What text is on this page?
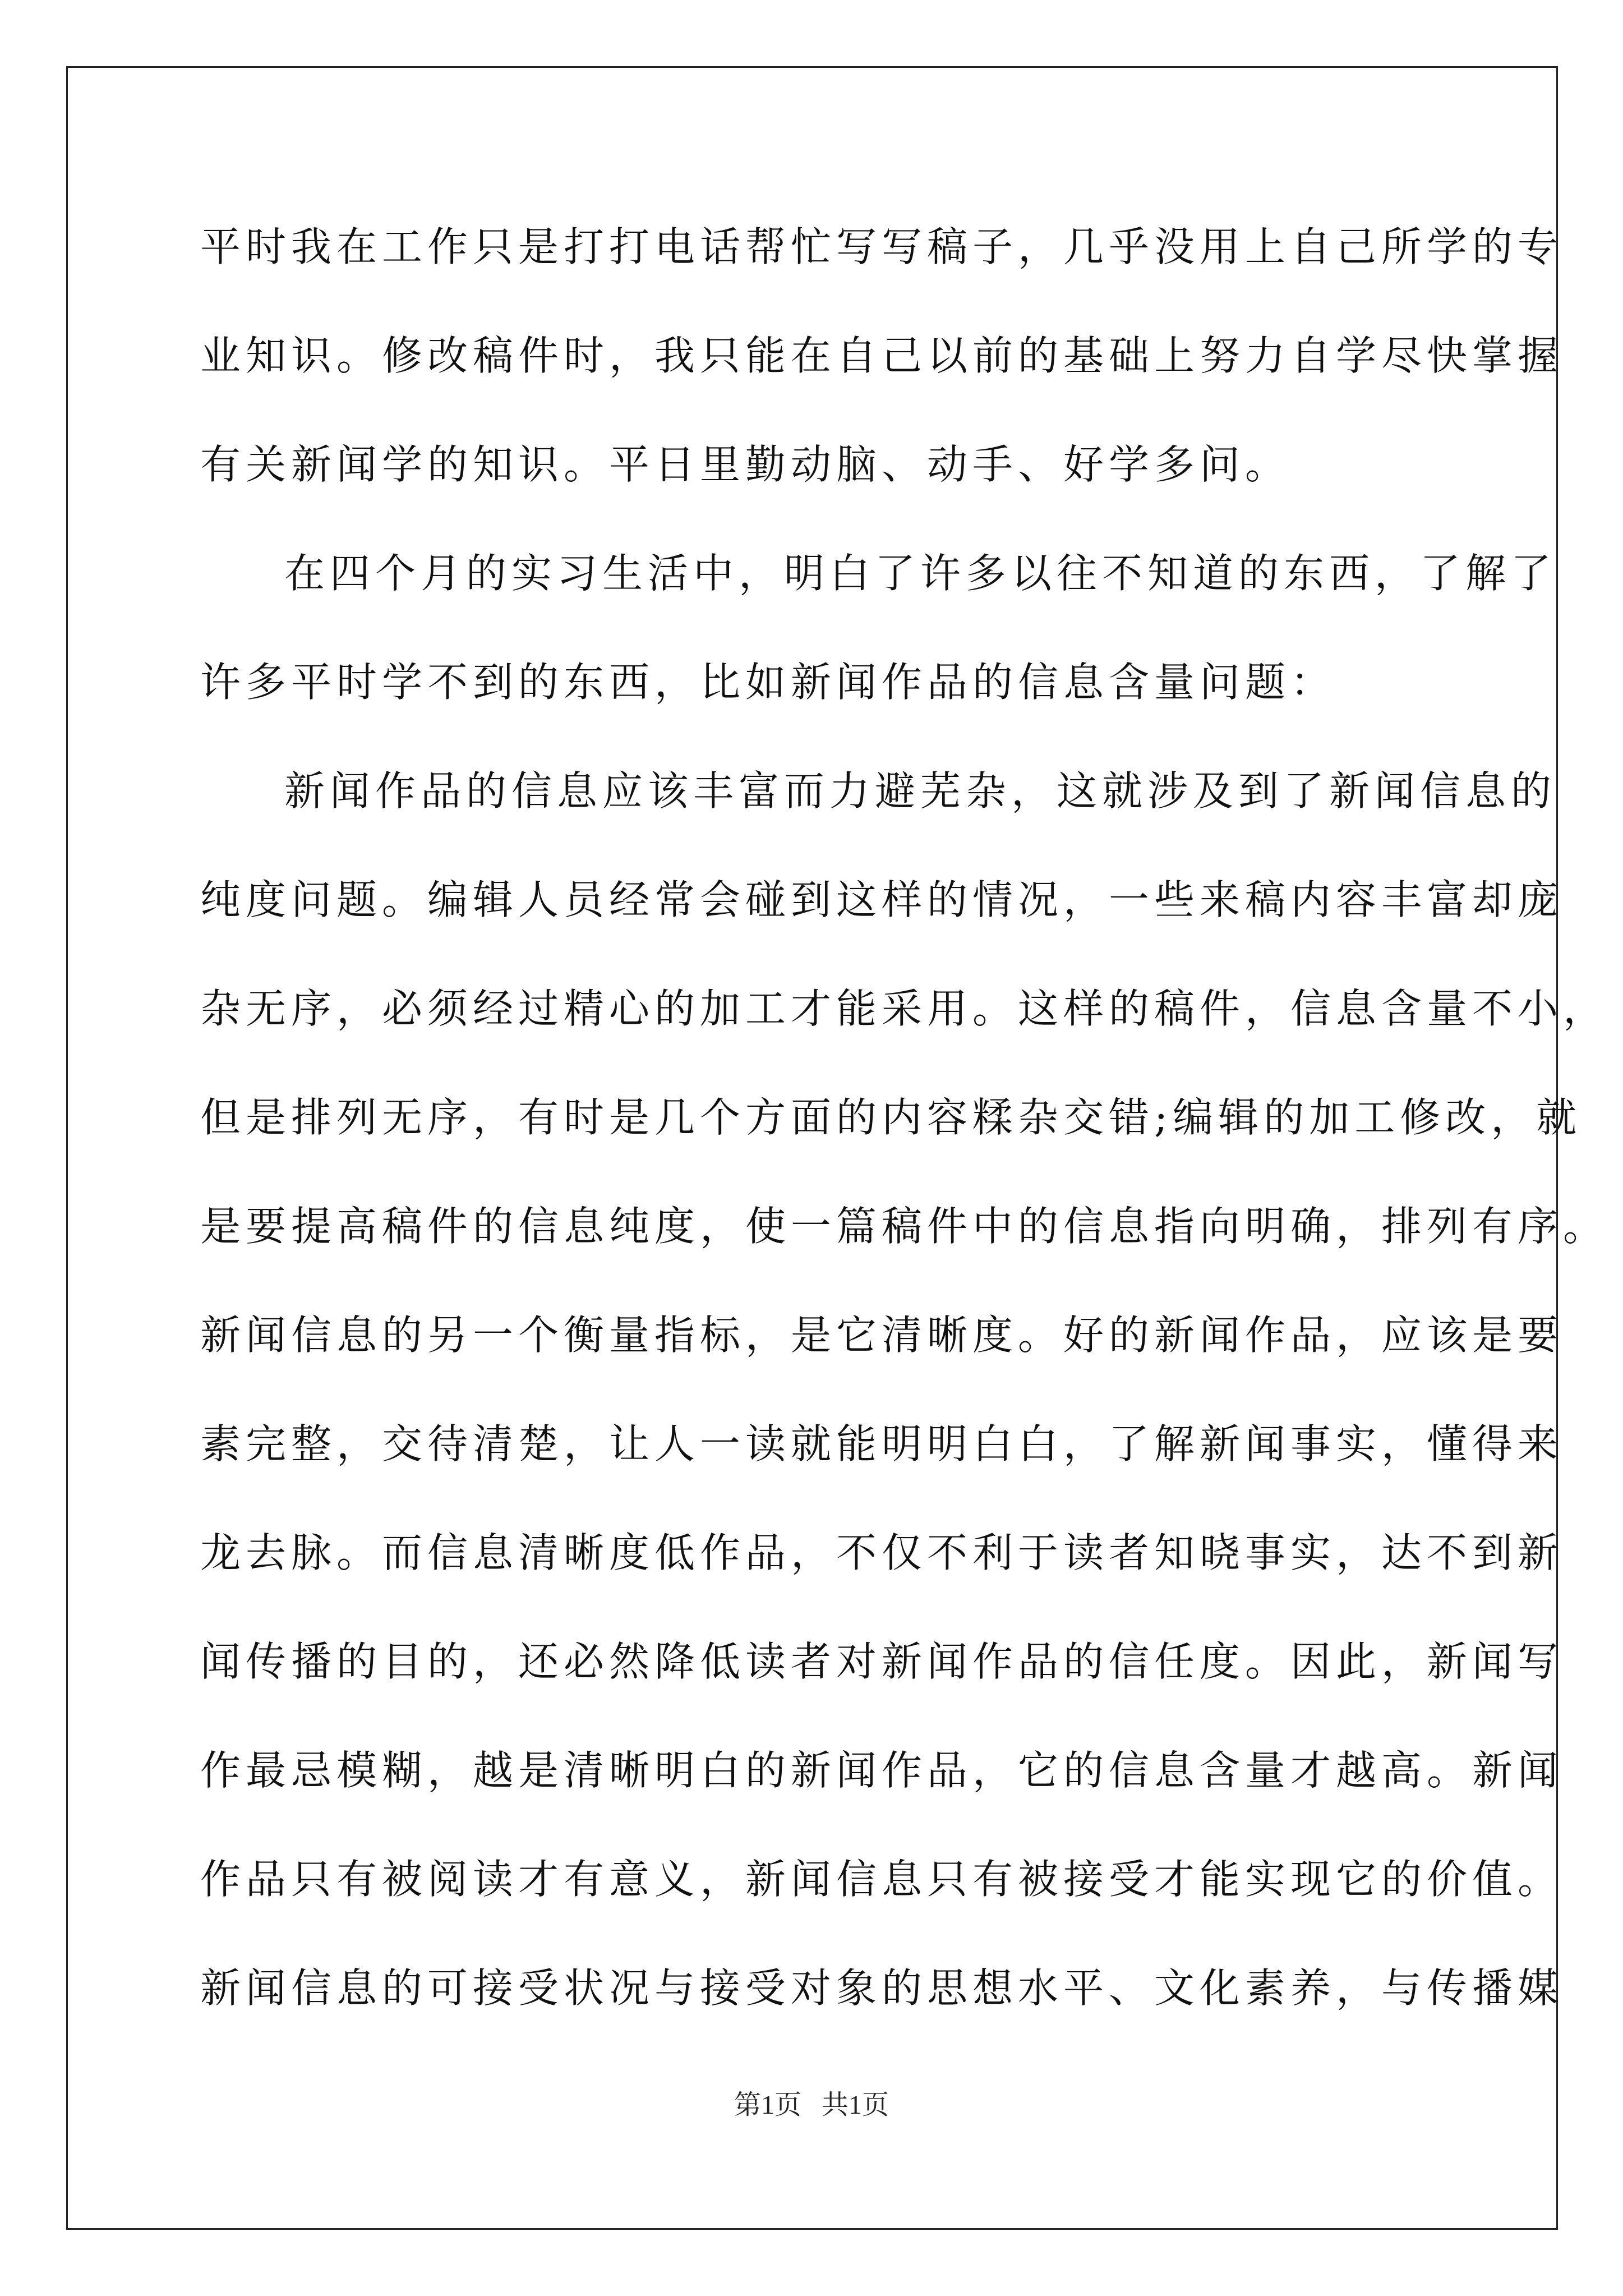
平时我在工作只是打打电话帮忙写写稿子，几乎没用上自己所学的专
业知识。修改稿件时，我只能在自己以前的基础上努力自学尽快掌握
有关新闻学的知识。平日里勤动脑、动手、好学多问。
在四个月的实习生活中，明白了许多以往不知道的东西，了解了
许多平时学不到的东西，比如新闻作品的信息含量问题：
新闻作品的信息应该丰富而力避芜杂，这就涉及到了新闻信息的
纯度问题。编辑人员经常会碰到这样的情况，一些来稿内容丰富却庞
杂无序，必须经过精心的加工才能采用。这样的稿件，信息含量不小，
但是排列无序，有时是几个方面的内容糅杂交错;编辑的加工修改，就
是要提高稿件的信息纯度，使一篇稿件中的信息指向明确，排列有序。
新闻信息的另一个衡量指标，是它清晰度。好的新闻作品，应该是要
素完整，交待清楚，让人一读就能明明白白，了解新闻事实，懂得来
龙去脉。而信息清晰度低作品，不仅不利于读者知晓事实，达不到新
闻传播的目的，还必然降低读者对新闻作品的信任度。因此，新闻写
作最忌模糊，越是清晰明白的新闻作品，它的信息含量才越高。新闻
作品只有被阅读才有意义，新闻信息只有被接受才能实现它的价值。
新闻信息的可接受状况与接受对象的思想水平、文化素养，与传播媒
第1页   共1页
